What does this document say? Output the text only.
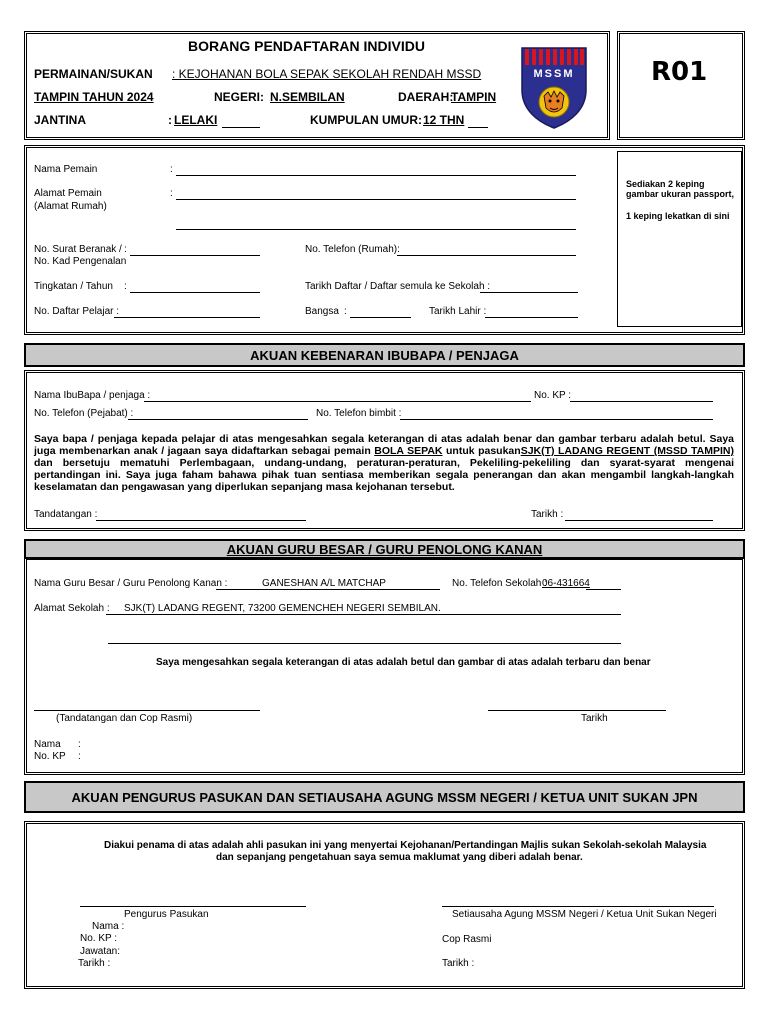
BORANG PENDAFTARAN INDIVIDU
PERMAINAN/SUKAN : KEJOHANAN BOLA SEPAK SEKOLAH RENDAH MSSD
TAMPIN TAHUN 2024	NEGERI: N.SEMBILAN	DAERAH:
TAMPIN
JANTINA	: LELAKI	KUMPULAN UMUR: 12 THN
MSSM	R01
Sediakan 2 keping gambar ukuran passport,
1 keping lekatkan di sini
Nama Pemain	:
Alamat Pemain
(Alamat Rumah)
:
No. Surat Beranak /
No. Kad Pengenalan
:	No. Telefon (Rumah):
Tingkatan / Tahun :	Tarikh Daftar / Daftar semula ke Sekolah :
No. Daftar Pelajar :	Bangsa :	Tarikh Lahir :
AKUAN KEBENARAN IBUBAPA / PENJAGA
Nama IbuBapa / penjaga :	No. KP :
No. Telefon (Pejabat) :	No. Telefon bimbit :
Saya bapa / penjaga kepada pelajar di atas mengesahkan segala keterangan di atas adalah benar dan gambar terbaru adalah betul. Saya juga membenarkan anak / jagaan saya didaftarkan sebagai pemain BOLA SEPAK untuk pasukanSJK(T) LADANG REGENT (MSSD TAMPIN) dan bersetuju mematuhi Perlembagaan, undang-undang, peraturan-peraturan, Pekeliling-pekeliling dan syarat-syarat mengenai pertandingan ini. Saya juga faham bahawa pihak tuan sentiasa memberikan segala penerangan dan akan mengambil langkah-langkah keselamatan dan pengawasan yang diperlukan sepanjang masa kejohanan tersebut.
Tandatangan :	Tarikh :
AKUAN GURU BESAR / GURU PENOLONG KANAN
Nama Guru Besar / Guru Penolong Kanan :	GANESHAN A/L MATCHAP	No. Telefon Sekolah :
06-431664
Alamat Sekolah : SJK(T) LADANG REGENT, 73200 GEMENCHEH NEGERI SEMBILAN.
Saya mengesahkan segala keterangan di atas adalah betul dan gambar di atas adalah terbaru dan benar
(Tandatangan dan Cop Rasmi)	Tarikh
Nama :
No. KP :
AKUAN PENGURUS PASUKAN DAN SETIAUSAHA AGUNG MSSM NEGERI / KETUA UNIT SUKAN JPN
Diakui penama di atas adalah ahli pasukan ini yang menyertai Kejohanan/Pertandingan Majlis sukan Sekolah-sekolah Malaysia
dan sepanjang pengetahuan saya semua maklumat yang diberi adalah benar.
Pengurus Pasukan
Nama :
No. KP :
Jawatan:
Tarikh :
Setiausaha Agung MSSM Negeri / Ketua Unit Sukan Negeri
Cop Rasmi
Tarikh :
